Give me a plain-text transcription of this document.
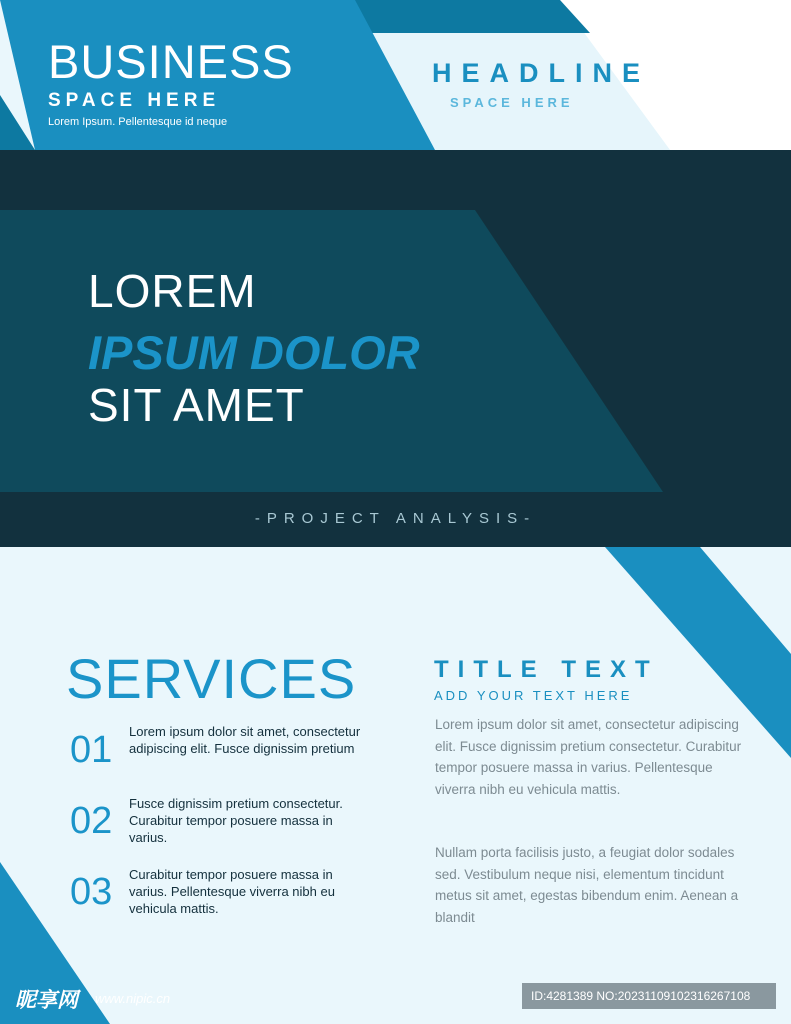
BUSINESS

SPACE HERE

Lorem Ipsum. Pellentesque id neque

HEADLINE

SPACE HERE

LOREM

IPSUM DOLOR

SIT AMET

-PROJECT ANALYSIS-

SERVICES

01 Lorem ipsum dolor sit amet, consectetur adipiscing elit. Fusce dignissim pretium

02 Fusce dignissim pretium consectetur. Curabitur tempor posuere massa in varius.

03 Curabitur tempor posuere massa in varius. Pellentesque viverra nibh eu vehicula mattis.

TITLE TEXT

ADD YOUR TEXT HERE

Lorem ipsum dolor sit amet, consectetur adipiscing elit. Fusce dignissim pretium consectetur. Curabitur tempor posuere massa in varius. Pellentesque viverra nibh eu vehicula mattis.

Nullam porta facilisis justo, a feugiat dolor sodales sed. Vestibulum neque nisi, elementum tincidunt metus sit amet, egestas bibendum enim. Aenean a blandit

昵享网 www.nipic.cn	ID:4281389 NO:20231109102316267108
